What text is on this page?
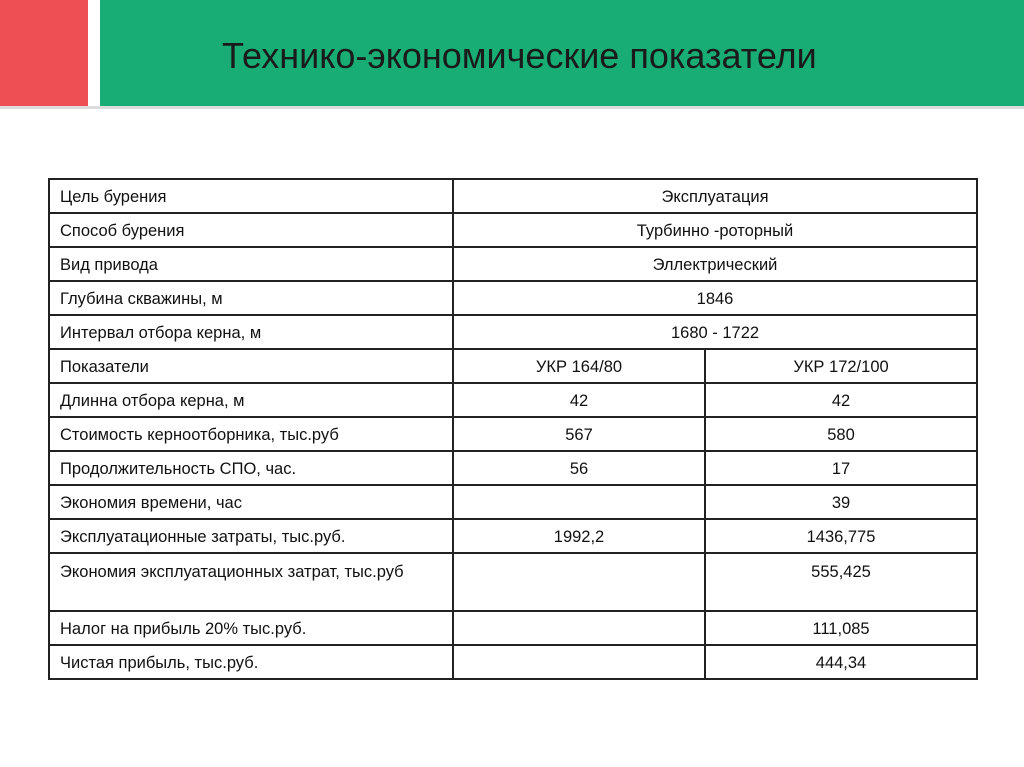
Технико-экономические показатели
Цель бурения	Эксплуатация	
Способ бурения	Турбинно -роторный	
Вид привода	Эллектрический	
Глубина скважины, м	1846	
Интервал отбора керна, м	1680 - 1722	
Показатели	УКР 164/80	УКР 172/100
Длинна отбора керна, м	42	42
Стоимость керноотборника, тыс.руб	567	580
Продолжительность СПО, час.	56	17
Экономия времени, час		39
Эксплуатационные затраты, тыс.руб.	1992,2	1436,775
Экономия эксплуатационных затрат, тыс.руб		555,425
Налог на прибыль 20% тыс.руб.		111,085
Чистая прибыль, тыс.руб.		444,34
